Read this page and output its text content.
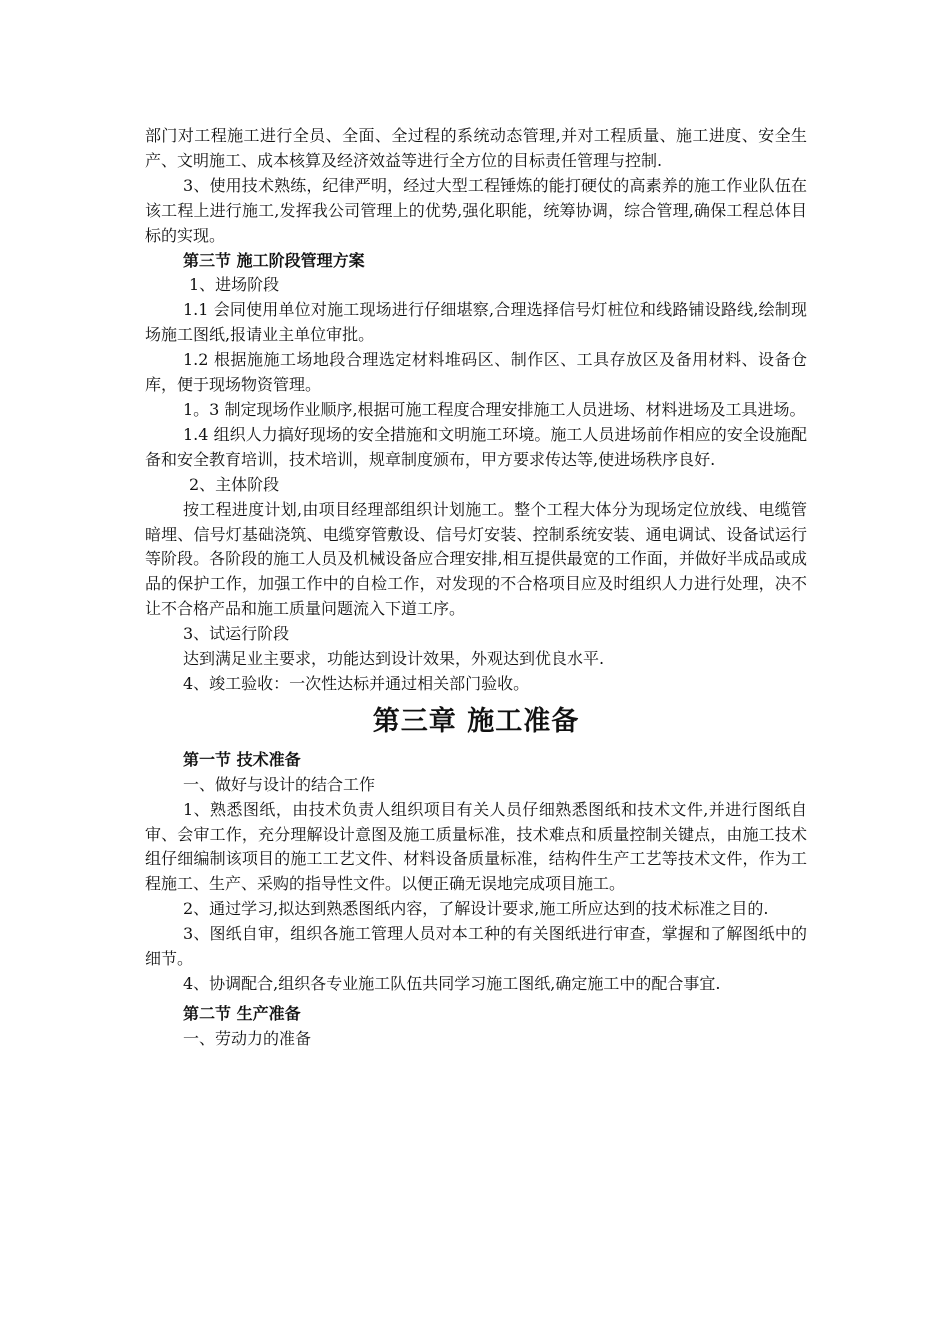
部门对工程施工进行全员、全面、全过程的系统动态管理,并对工程质量、施工进度、安全生产、文明施工、成本核算及经济效益等进行全方位的目标责任管理与控制.

3、使用技术熟练，纪律严明，经过大型工程锤炼的能打硬仗的高素养的施工作业队伍在该工程上进行施工,发挥我公司管理上的优势,强化职能，统筹协调，综合管理,确保工程总体目标的实现。

第三节 施工阶段管理方案

1、进场阶段

1.1 会同使用单位对施工现场进行仔细堪察,合理选择信号灯桩位和线路铺设路线,绘制现场施工图纸,报请业主单位审批。

1.2 根据施施工场地段合理选定材料堆码区、制作区、工具存放区及备用材料、设备仓库，便于现场物资管理。

1。3 制定现场作业顺序,根据可施工程度合理安排施工人员进场、材料进场及工具进场。

1.4 组织人力搞好现场的安全措施和文明施工环境。施工人员进场前作相应的安全设施配备和安全教育培训，技术培训，规章制度颁布，甲方要求传达等,使进场秩序良好.

2、主体阶段

按工程进度计划,由项目经理部组织计划施工。整个工程大体分为现场定位放线、电缆管暗埋、信号灯基础浇筑、电缆穿管敷设、信号灯安装、控制系统安装、通电调试、设备试运行等阶段。各阶段的施工人员及机械设备应合理安排,相互提供最宽的工作面，并做好半成品或成品的保护工作，加强工作中的自检工作，对发现的不合格项目应及时组织人力进行处理，决不让不合格产品和施工质量问题流入下道工序。

3、试运行阶段

达到满足业主要求，功能达到设计效果，外观达到优良水平.

4、竣工验收：一次性达标并通过相关部门验收。

第三章 施工准备

第一节 技术准备

一、做好与设计的结合工作

1、熟悉图纸，由技术负责人组织项目有关人员仔细熟悉图纸和技术文件,并进行图纸自审、会审工作，充分理解设计意图及施工质量标准，技术难点和质量控制关键点，由施工技术组仔细编制该项目的施工工艺文件、材料设备质量标准，结构件生产工艺等技术文件，作为工程施工、生产、采购的指导性文件。以便正确无误地完成项目施工。

2、通过学习,拟达到熟悉图纸内容，了解设计要求,施工所应达到的技术标准之目的.

3、图纸自审，组织各施工管理人员对本工种的有关图纸进行审查，掌握和了解图纸中的细节。

4、协调配合,组织各专业施工队伍共同学习施工图纸,确定施工中的配合事宜.

第二节 生产准备

一、劳动力的准备
